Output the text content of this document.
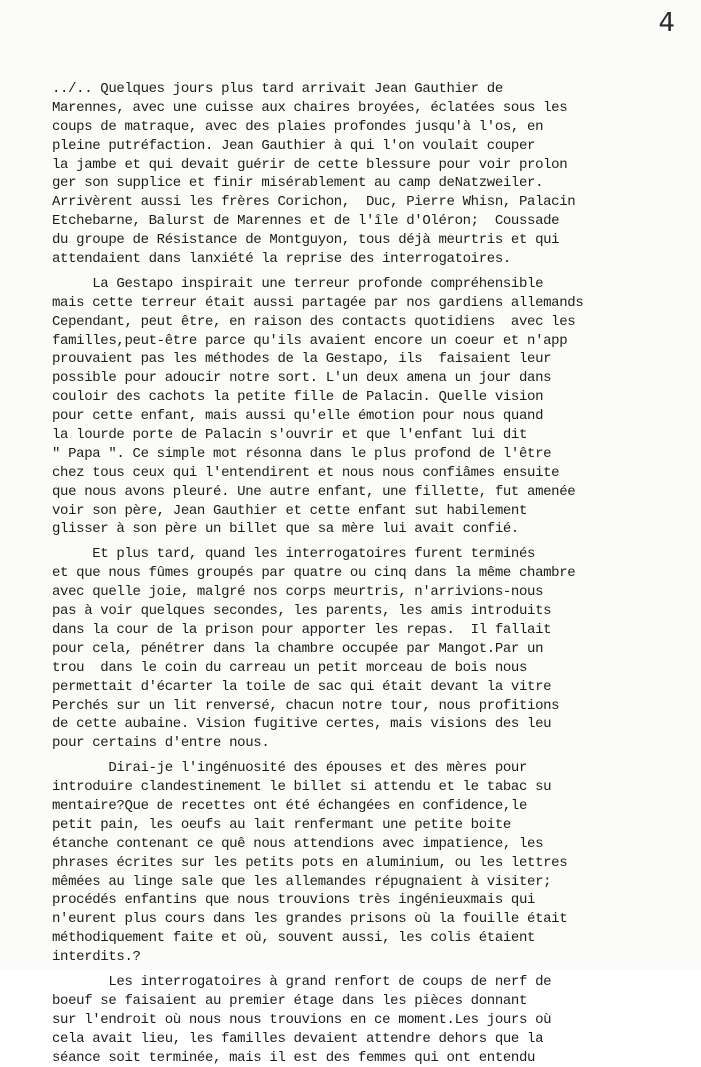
4
../.. Quelques jours plus tard arrivait Jean Gauthier de
Marennes, avec une cuisse aux chaires broyées, éclatées sous les
coups de matraque, avec des plaies profondes jusqu'à l'os, en
pleine putréfaction. Jean Gauthier à qui l'on voulait couper
la jambe et qui devait guérir de cette blessure pour voir prolon
ger son supplice et finir misérablement au camp deNatzweiler.
Arrivèrent aussi les frères Corichon,  Duc, Pierre Whisn, Palacin
Etchebarne, Balurst de Marennes et de l'île d'Oléron;  Coussade
du groupe de Résistance de Montguyon, tous déjà meurtris et qui
attendaient dans lanxiété la reprise des interrogatoires.
La Gestapo inspirait une terreur profonde compréhensible
mais cette terreur était aussi partagée par nos gardiens allemands
Cependant, peut être, en raison des contacts quotidiens  avec les
familles,peut-être parce qu'ils avaient encore un coeur et n'app
prouvaient pas les méthodes de la Gestapo, ils  faisaient leur
possible pour adoucir notre sort. L'un deux amena un jour dans
couloir des cachots la petite fille de Palacin. Quelle vision
pour cette enfant, mais aussi qu'elle émotion pour nous quand
la lourde porte de Palacin s'ouvrir et que l'enfant lui dit
" Papa ". Ce simple mot résonna dans le plus profond de l'être
chez tous ceux qui l'entendirent et nous nous confiâmes ensuite
que nous avons pleuré. Une autre enfant, une fillette, fut amenée
voir son père, Jean Gauthier et cette enfant sut habilement
glisser à son père un billet que sa mère lui avait confié.
Et plus tard, quand les interrogatoires furent terminés
et que nous fûmes groupés par quatre ou cinq dans la même chambre
avec quelle joie, malgré nos corps meurtris, n'arrivions-nous
pas à voir quelques secondes, les parents, les amis introduits
dans la cour de la prison pour apporter les repas.  Il fallait
pour cela, pénétrer dans la chambre occupée par Mangot.Par un
trou  dans le coin du carreau un petit morceau de bois nous
permettait d'écarter la toile de sac qui était devant la vitre
Perchés sur un lit renversé, chacun notre tour, nous profitions
de cette aubaine. Vision fugitive certes, mais visions des leu
pour certains d'entre nous.
Dirai-je l'ingénuosité des épouses et des mères pour
introduire clandestinement le billet si attendu et le tabac su
mentaire?Que de recettes ont été échangées en confidence,le
petit pain, les oeufs au lait renfermant une petite boite
étanche contenant ce quê nous attendions avec impatience, les
phrases écrites sur les petits pots en aluminium, ou les lettres
mêmées au linge sale que les allemandes répugnaient à visiter;
procédés enfantins que nous trouvions très ingénieuxmais qui
n'eurent plus cours dans les grandes prisons où la fouille était
méthodiquement faite et où, souvent aussi, les colis étaient
interdits.?
Les interrogatoires à grand renfort de coups de nerf de
boeuf se faisaient au premier étage dans les pièces donnant
sur l'endroit où nous nous trouvions en ce moment.Les jours où
cela avait lieu, les familles devaient attendre dehors que la
séance soit terminée, mais il est des femmes qui ont entendu
